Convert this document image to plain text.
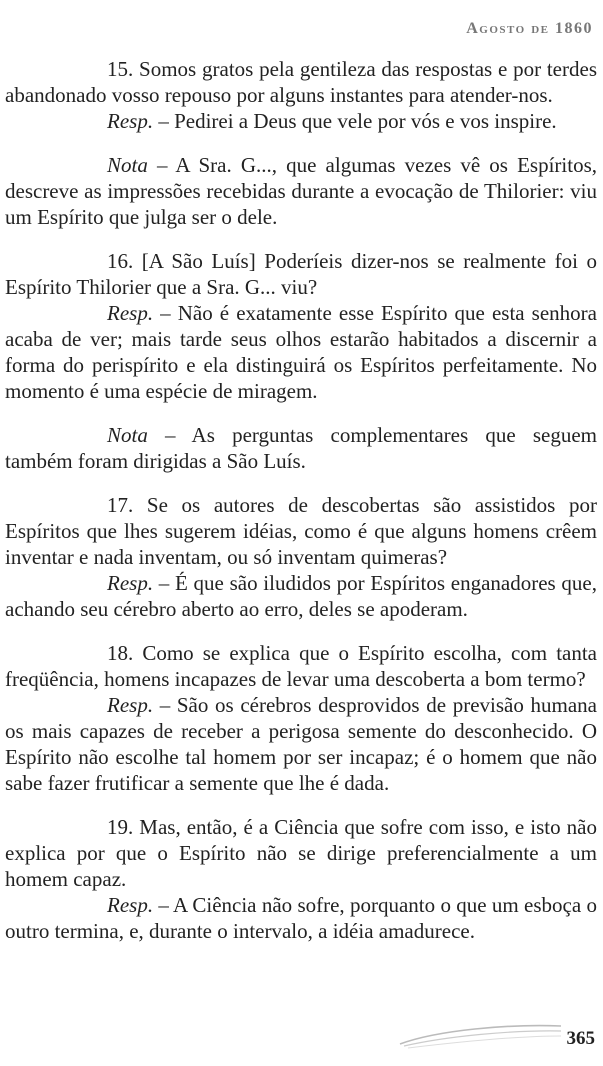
Agosto de 1860

15. Somos gratos pela gentileza das respostas e por terdes abandonado vosso repouso por alguns instantes para atender-nos.

Resp. – Pedirei a Deus que vele por vós e vos inspire.

Nota – A Sra. G..., que algumas vezes vê os Espíritos, descreve as impressões recebidas durante a evocação de Thilorier: viu um Espírito que julga ser o dele.

16. [A São Luís] Poderíeis dizer-nos se realmente foi o Espírito Thilorier que a Sra. G... viu?

Resp. – Não é exatamente esse Espírito que esta senhora acaba de ver; mais tarde seus olhos estarão habitados a discernir a forma do perispírito e ela distinguirá os Espíritos perfeitamente. No momento é uma espécie de miragem.

Nota – As perguntas complementares que seguem também foram dirigidas a São Luís.

17. Se os autores de descobertas são assistidos por Espíritos que lhes sugerem idéias, como é que alguns homens crêem inventar e nada inventam, ou só inventam quimeras?

Resp. – É que são iludidos por Espíritos enganadores que, achando seu cérebro aberto ao erro, deles se apoderam.

18. Como se explica que o Espírito escolha, com tanta freqüência, homens incapazes de levar uma descoberta a bom termo?

Resp. – São os cérebros desprovidos de previsão humana os mais capazes de receber a perigosa semente do desconhecido. O Espírito não escolhe tal homem por ser incapaz; é o homem que não sabe fazer frutificar a semente que lhe é dada.

19. Mas, então, é a Ciência que sofre com isso, e isto não explica por que o Espírito não se dirige preferencialmente a um homem capaz.

Resp. – A Ciência não sofre, porquanto o que um esboça o outro termina, e, durante o intervalo, a idéia amadurece.

365
